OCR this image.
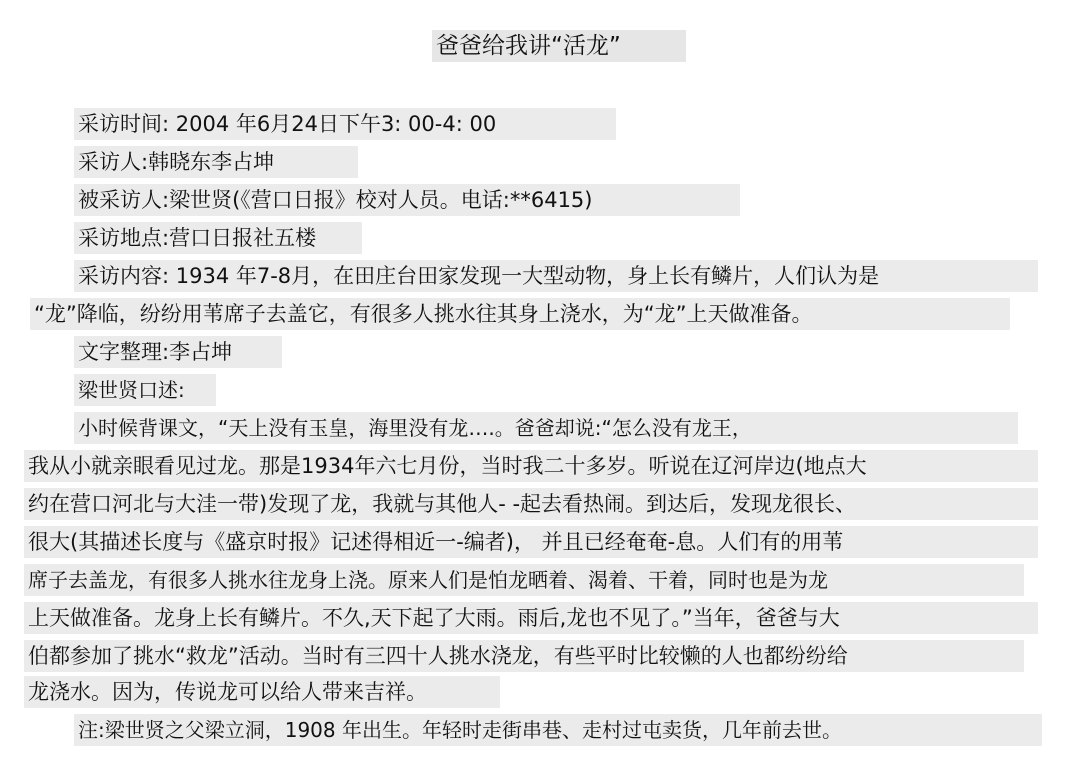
爸爸给我讲“活龙”
采访时间: 2004 年6月24日下午3: 00-4: 00
采访人:韩晓东李占坤
被采访人:梁世贤(《营口日报》校对人员。电话:**6415)
采访地点:营口日报社五楼
采访内容: 1934 年7-8月，在田庄台田家发现一大型动物，身上长有鳞片，人们认为是
“龙”降临，纷纷用苇席子去盖它，有很多人挑水往其身上浇水，为“龙”上天做准备。
文字整理:李占坤
梁世贤口述:
小时候背课文，“天上没有玉皇，海里没有龙….。爸爸却说:“怎么没有龙王，
我从小就亲眼看见过龙。那是1934年六七月份，当时我二十多岁。听说在辽河岸边(地点大
约在营口河北与大洼一带)发现了龙，我就与其他人- -起去看热闹。到达后，发现龙很长、
很大(其描述长度与《盛京时报》记述得相近一-编者)， 并且已经奄奄-息。人们有的用苇
席子去盖龙，有很多人挑水往龙身上浇。原来人们是怕龙晒着、渴着、干着，同时也是为龙
上天做准备。龙身上长有鳞片。不久,天下起了大雨。雨后,龙也不见了。”当年，爸爸与大
伯都参加了挑水“救龙”活动。当时有三四十人挑水浇龙，有些平时比较懒的人也都纷纷给
龙浇水。因为，传说龙可以给人带来吉祥。
注:梁世贤之父梁立洞，1908 年出生。年轻时走街串巷、走村过屯卖货，几年前去世。
